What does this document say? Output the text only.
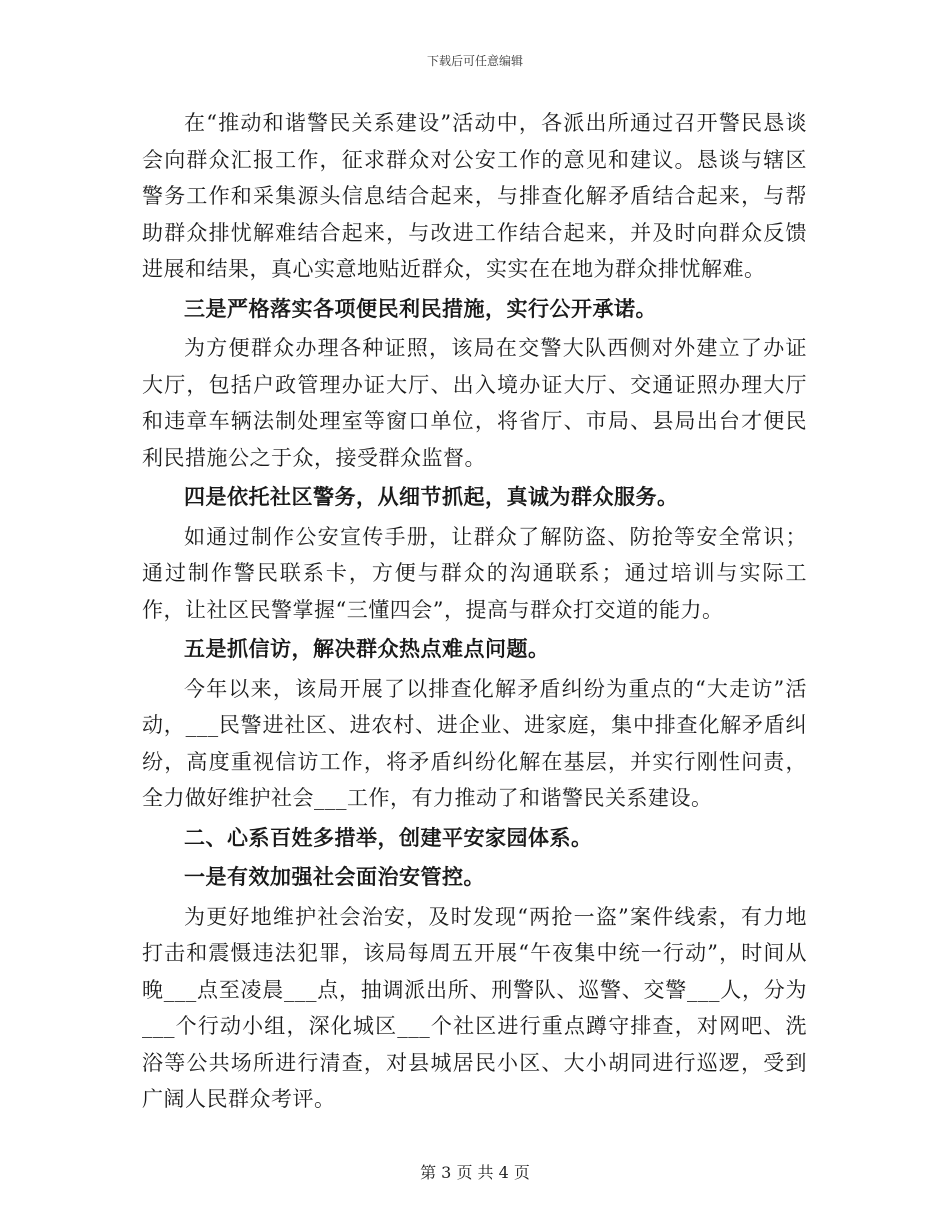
下载后可任意编辑

在“推动和谐警民关系建设”活动中，各派出所通过召开警民恳谈会向群众汇报工作，征求群众对公安工作的意见和建议。恳谈与辖区警务工作和采集源头信息结合起来，与排查化解矛盾结合起来，与帮助群众排忧解难结合起来，与改进工作结合起来，并及时向群众反馈进展和结果，真心实意地贴近群众，实实在在地为群众排忧解难。

三是严格落实各项便民利民措施，实行公开承诺。

为方便群众办理各种证照，该局在交警大队西侧对外建立了办证大厅，包括户政管理办证大厅、出入境办证大厅、交通证照办理大厅和违章车辆法制处理室等窗口单位，将省厅、市局、县局出台才便民利民措施公之于众，接受群众监督。

四是依托社区警务，从细节抓起，真诚为群众服务。

如通过制作公安宣传手册，让群众了解防盗、防抢等安全常识；通过制作警民联系卡，方便与群众的沟通联系；通过培训与实际工作，让社区民警掌握“三懂四会”，提高与群众打交道的能力。

五是抓信访，解决群众热点难点问题。

今年以来，该局开展了以排查化解矛盾纠纷为重点的“大走访”活动，___民警进社区、进农村、进企业、进家庭，集中排查化解矛盾纠纷，高度重视信访工作，将矛盾纠纷化解在基层，并实行刚性问责，全力做好维护社会___工作，有力推动了和谐警民关系建设。

二、心系百姓多措举，创建平安家园体系。

一是有效加强社会面治安管控。

为更好地维护社会治安，及时发现“两抢一盗”案件线索，有力地打击和震慑违法犯罪，该局每周五开展“午夜集中统一行动”，时间从晚___点至凌晨___点，抽调派出所、刑警队、巡警、交警___人，分为___个行动小组，深化城区___个社区进行重点蹲守排查，对网吧、洗浴等公共场所进行清查，对县城居民小区、大小胡同进行巡逻，受到广阔人民群众考评。

第 3 页 共 4 页
